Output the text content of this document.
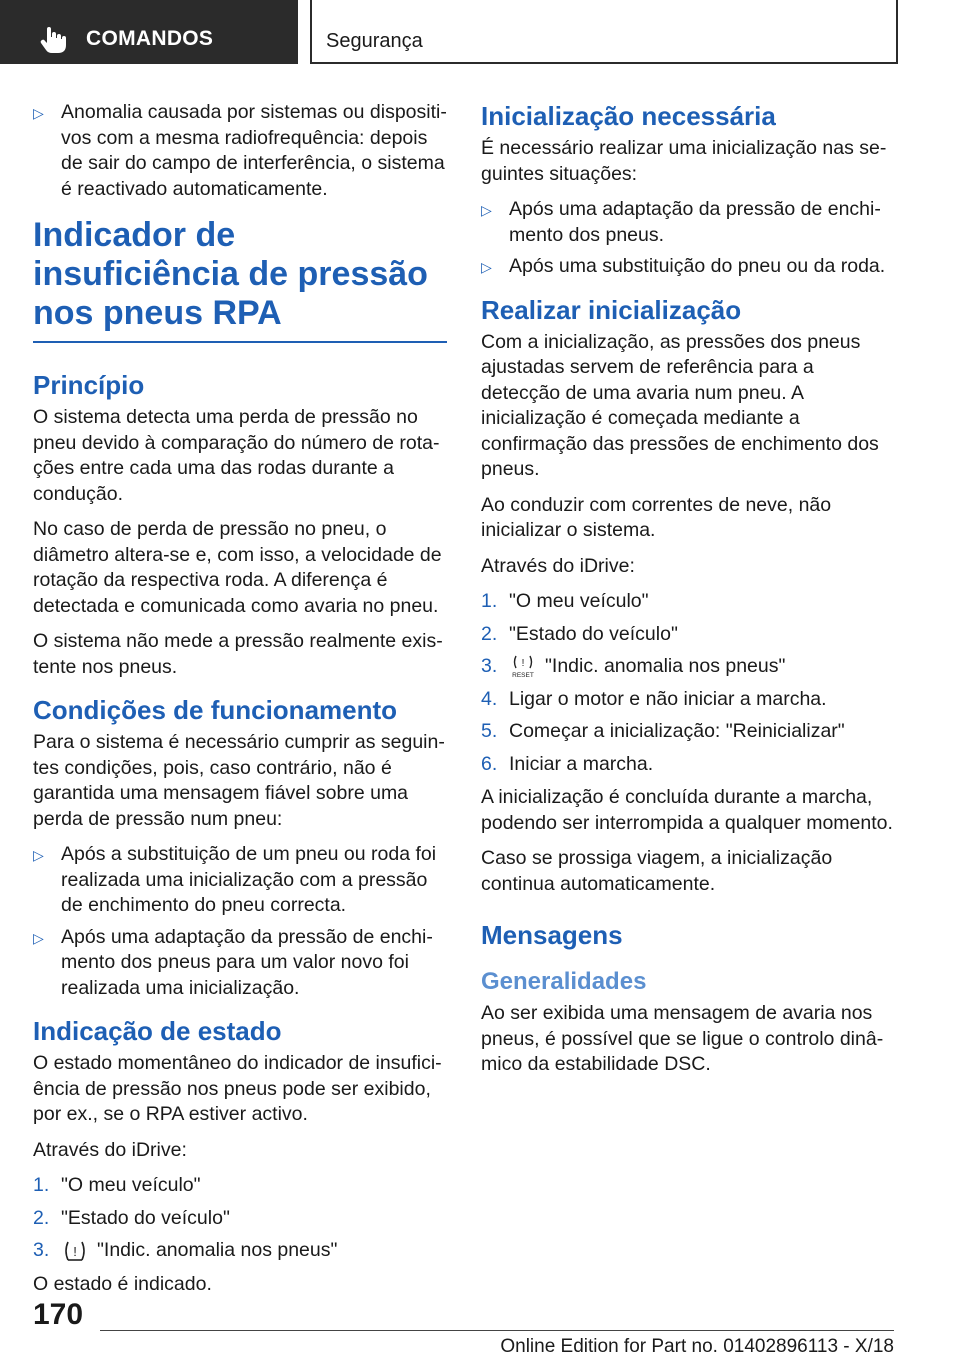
COMANDOS	Segurança
▷ Anomalia causada por sistemas ou dispositivos com a mesma radiofrequência: depois de sair do campo de interferência, o sistema é reactivado automaticamente.
Indicador de insuficiência de pressão nos pneus RPA
Princípio

O sistema detecta uma perda de pressão no pneu devido à comparação do número de rotações entre cada uma das rodas durante a condução.

No caso de perda de pressão no pneu, o diâmetro altera-se e, com isso, a velocidade de rotação da respectiva roda. A diferença é detectada e comunicada como avaria no pneu.

O sistema não mede a pressão realmente existente nos pneus.

Condições de funcionamento

Para o sistema é necessário cumprir as seguintes condições, pois, caso contrário, não é garantida uma mensagem fiável sobre uma perda de pressão num pneu:

▷ Após a substituição de um pneu ou roda foi realizada uma inicialização com a pressão de enchimento do pneu correcta.
▷ Após uma adaptação da pressão de enchimento dos pneus para um valor novo foi realizada uma inicialização.
Indicação de estado

O estado momentâneo do indicador de insuficiência de pressão nos pneus pode ser exibido, por ex., se o RPA estiver activo.

Através do iDrive:

1. "O meu veículo"
2. "Estado do veículo"
3. ! "Indic. anomalia nos pneus"

O estado é indicado.

Inicialização necessária

É necessário realizar uma inicialização nas seguintes situações:

▷ Após uma adaptação da pressão de enchimento dos pneus.
▷ Após uma substituição do pneu ou da roda.
Realizar inicialização

Com a inicialização, as pressões dos pneus ajustadas servem de referência para a detecção de uma avaria num pneu. A inicialização é começada mediante a confirmação das pressões de enchimento dos pneus.

Ao conduzir com correntes de neve, não inicializar o sistema.

Através do iDrive:

1. "O meu veículo"
2. "Estado do veículo"
3. !
RESET "Indic. anomalia nos pneus"
4. Ligar o motor e não iniciar a marcha.
5. Começar a inicialização: "Reinicializar"
6. Iniciar a marcha.

A inicialização é concluída durante a marcha, podendo ser interrompida a qualquer momento.

Caso se prossiga viagem, a inicialização continua automaticamente.

Mensagens
Generalidades

Ao ser exibida uma mensagem de avaria nos pneus, é possível que se ligue o controlo dinâmico da estabilidade DSC.

170
Online Edition for Part no. 01402896113 - X/18
